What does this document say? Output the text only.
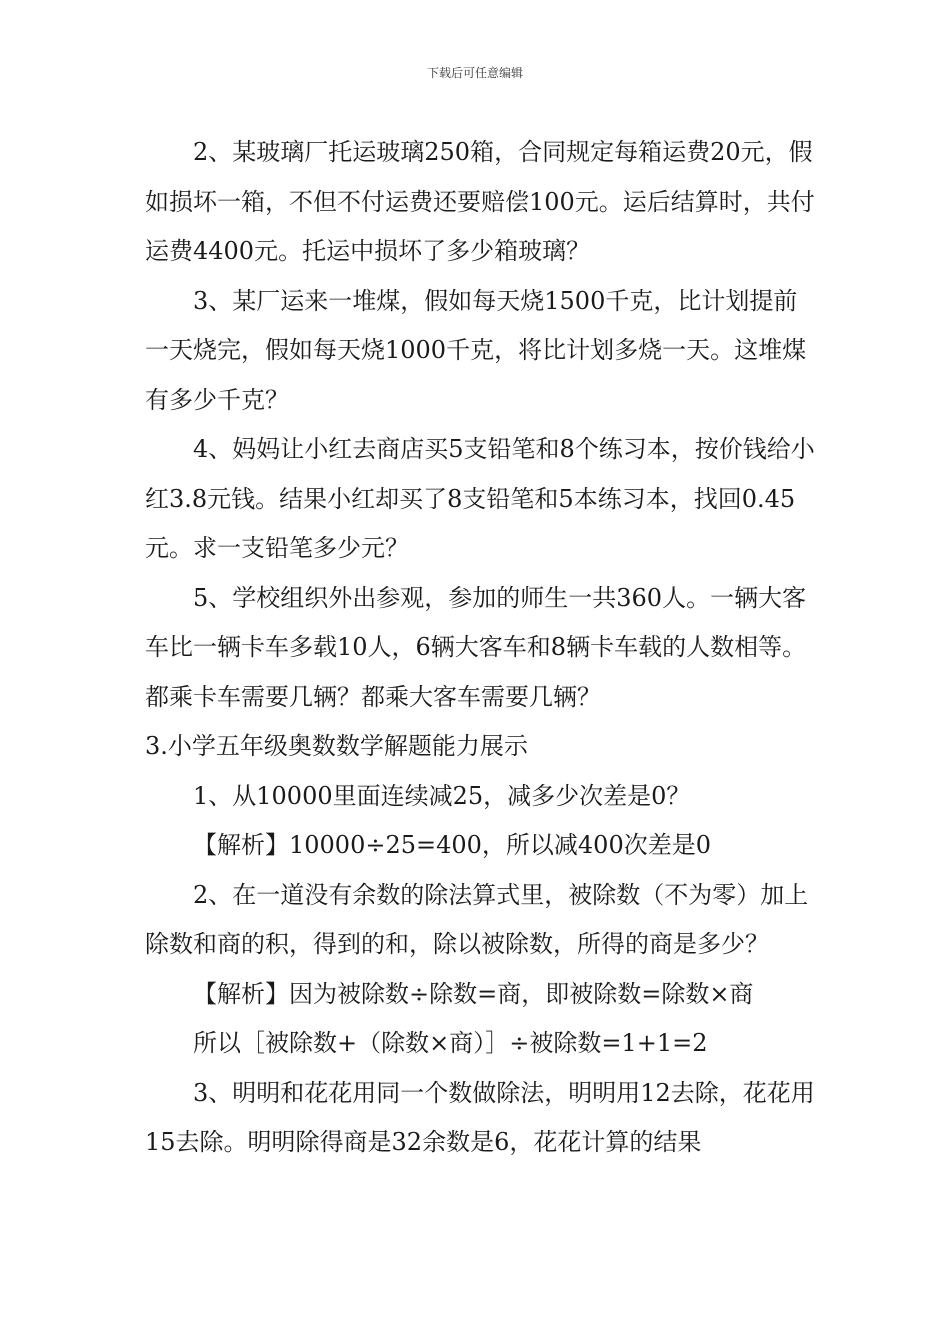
下载后可任意编辑

2、某玻璃厂托运玻璃250箱，合同规定每箱运费20元，假如损坏一箱，不但不付运费还要赔偿100元。运后结算时，共付运费4400元。托运中损坏了多少箱玻璃？

3、某厂运来一堆煤，假如每天烧1500千克，比计划提前一天烧完，假如每天烧1000千克，将比计划多烧一天。这堆煤有多少千克？

4、妈妈让小红去商店买5支铅笔和8个练习本，按价钱给小红3.8元钱。结果小红却买了8支铅笔和5本练习本，找回0.45元。求一支铅笔多少元？

5、学校组织外出参观，参加的师生一共360人。一辆大客车比一辆卡车多载10人，6辆大客车和8辆卡车载的人数相等。都乘卡车需要几辆？都乘大客车需要几辆？

3.小学五年级奥数数学解题能力展示

1、从10000里面连续减25，减多少次差是0？

【解析】10000÷25=400，所以减400次差是0

2、在一道没有余数的除法算式里，被除数（不为零）加上除数和商的积，得到的和，除以被除数，所得的商是多少？

【解析】因为被除数÷除数=商，即被除数=除数×商

所以［被除数+（除数×商）］÷被除数=1+1=2

3、明明和花花用同一个数做除法，明明用12去除，花花用15去除。明明除得商是32余数是6，花花计算的结果
